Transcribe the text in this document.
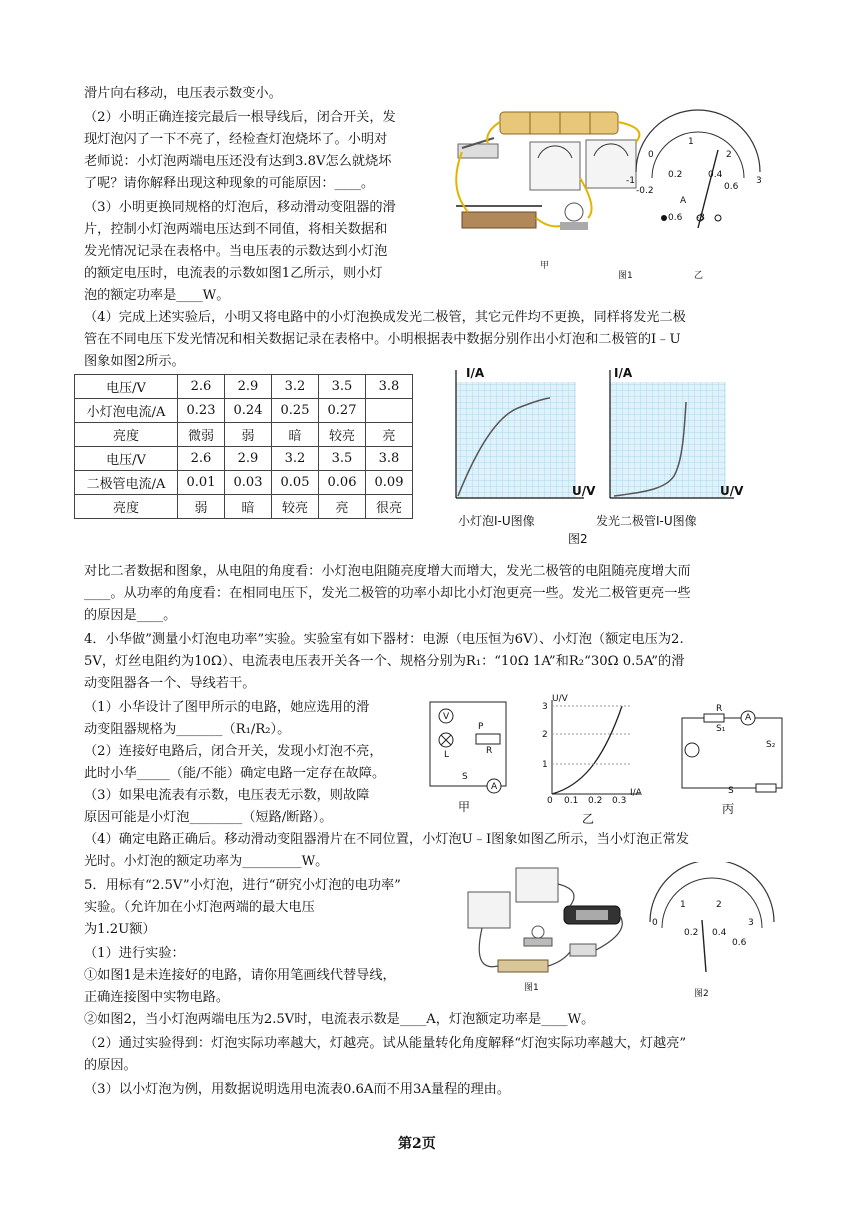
滑片向右移动，电压表示数变小。
（2）小明正确连接完最后一根导线后，闭合开关，发
现灯泡闪了一下不亮了，经检查灯泡烧坏了。小明对
老师说：小灯泡两端电压还没有达到3.8V怎么就烧坏
了呢？请你解释出现这种现象的可能原因：____。
（3）小明更换同规格的灯泡后，移动滑动变阻器的滑
片，控制小灯泡两端电压达到不同值，将相关数据和
发光情况记录在表格中。当电压表的示数达到小灯泡
的额定电压时，电流表的示数如图1乙所示，则小灯
泡的额定功率是____W。
（4）完成上述实验后，小明又将电路中的小灯泡换成发光二极管，其它元件均不更换，同样将发光二极
管在不同电压下发光情况和相关数据记录在表格中。小明根据表中数据分别作出小灯泡和二极管的I﹣U
图象如图2所示。
对比二者数据和图象，从电阻的角度看：小灯泡电阻随亮度增大而增大，发光二极管的电阻随亮度增大而
____。从功率的角度看：在相同电压下，发光二极管的功率小却比小灯泡更亮一些。发光二极管更亮一些
的原因是____。
4．小华做”测量小灯泡电功率”实验。实验室有如下器材：电源（电压恒为6V）、小灯泡（额定电压为2.
5V，灯丝电阻约为10Ω）、电流表电压表开关各一个、规格分别为R₁：“10Ω 1A”和R₂“30Ω 0.5A”的滑
动变阻器各一个、导线若干。
（1）小华设计了图甲所示的电路，她应选用的滑
动变阻器规格为_______（R₁/R₂）。
（2）连接好电路后，闭合开关，发现小灯泡不亮，
此时小华_____（能/不能）确定电路一定存在故障。
（3）如果电流表有示数，电压表无示数，则故障
原因可能是小灯泡________（短路/断路）。
（4）确定电路正确后。移动滑动变阻器滑片在不同位置，小灯泡U﹣I图象如图乙所示，当小灯泡正常发
光时。小灯泡的额定功率为_________W。
5．用标有“2.5V”小灯泡，进行“研究小灯泡的电功率”
实验。（允许加在小灯泡两端的最大电压
为1.2U额）
（1）进行实验：
①如图1是未连接好的电路，请你用笔画线代替导线，
正确连接图中实物电路。
②如图2，当小灯泡两端电压为2.5V时，电流表示数是____A，灯泡额定功率是____W。
（2）通过实验得到：灯泡实际功率越大，灯越亮。试从能量转化角度解释“灯泡实际功率越大，灯越亮”
的原因。
（3）以小灯泡为例，用数据说明选用电流表0.6A而不用3A量程的理由。
1
2
0
3
0.2	0.4
0.6
-0.2
-1
A
0.6 -3
甲
图1	乙
电压/V	2.6	2.9	3.2	3.5	3.8
小灯泡电流/A	0.23	0.24	0.25	0.27	
亮度	微弱	弱	暗	较亮	亮
电压/V	2.6	2.9	3.2	3.5	3.8
二极管电流/A	0.01	0.03	0.05	0.06	0.09
亮度	弱	暗	较亮	亮	很亮
I/A	I/A
U/V	U/V
小灯泡I-U图像	发光二极管I-U图像
图2
V
L
P
R
S
A
甲
U/V
3
2
1
0 0.1 0.2 0.3
I/A
乙
R
A
S₁
S₂
S
丙
图1
图2
0
1	2
3
0.2 0.4
0.6
第2页
